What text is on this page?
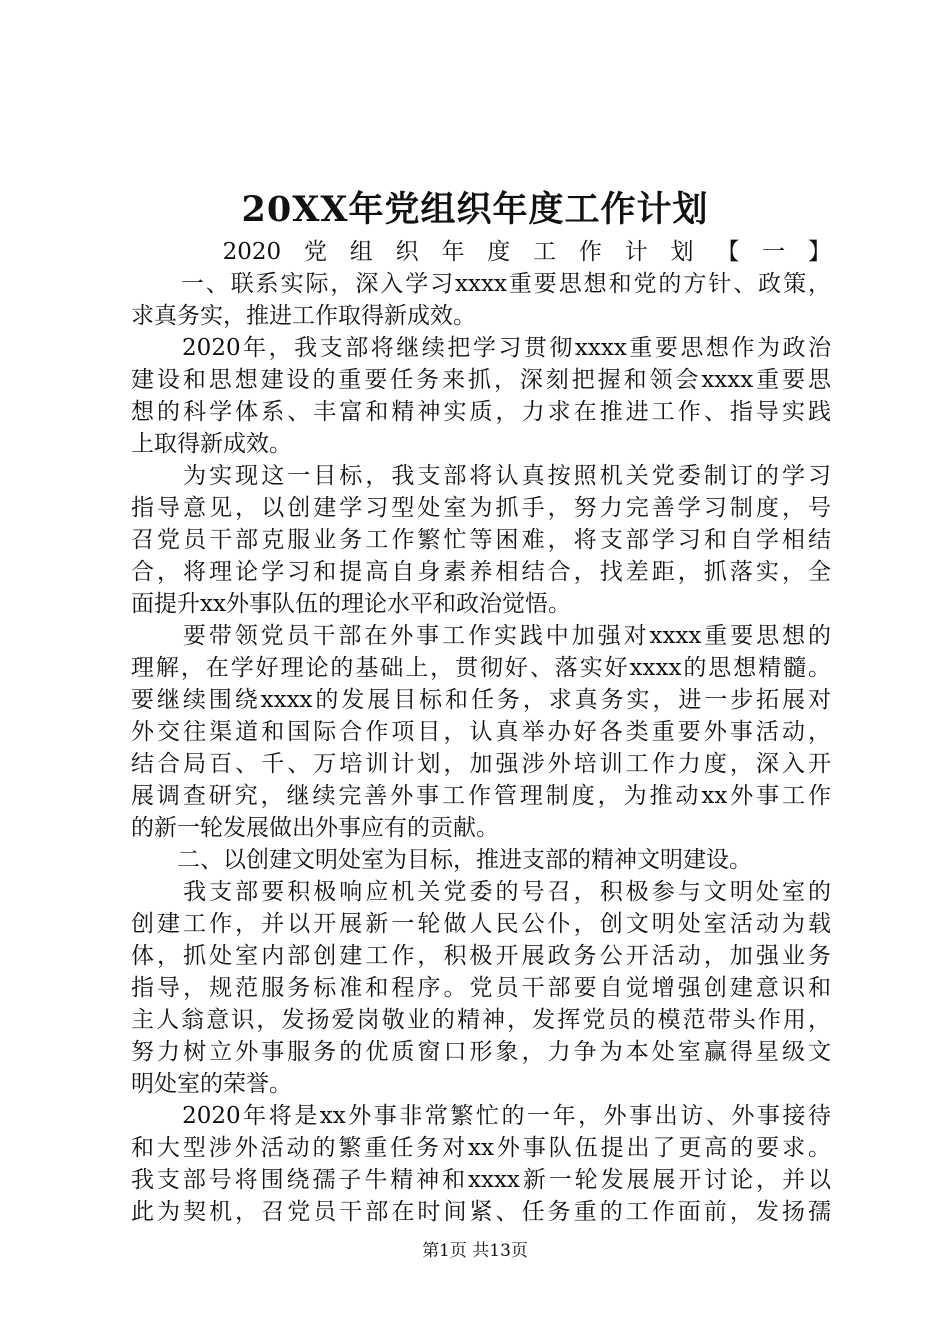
20XX年党组织年度工作计划
　　2020党组织年度工作计划【一】
　　一、联系实际，深入学习xxxx重要思想和党的方针、政策，
求真务实，推进工作取得新成效。
　　2020年，我支部将继续把学习贯彻xxxx重要思想作为政治
建设和思想建设的重要任务来抓，深刻把握和领会xxxx重要思
想的科学体系、丰富和精神实质，力求在推进工作、指导实践
上取得新成效。
　　为实现这一目标，我支部将认真按照机关党委制订的学习
指导意见，以创建学习型处室为抓手，努力完善学习制度，号
召党员干部克服业务工作繁忙等困难，将支部学习和自学相结
合，将理论学习和提高自身素养相结合，找差距，抓落实，全
面提升xx外事队伍的理论水平和政治觉悟。
　　要带领党员干部在外事工作实践中加强对xxxx重要思想的
理解，在学好理论的基础上，贯彻好、落实好xxxx的思想精髓。
要继续围绕xxxx的发展目标和任务，求真务实，进一步拓展对
外交往渠道和国际合作项目，认真举办好各类重要外事活动，
结合局百、千、万培训计划，加强涉外培训工作力度，深入开
展调查研究，继续完善外事工作管理制度，为推动xx外事工作
的新一轮发展做出外事应有的贡献。
　　二、以创建文明处室为目标，推进支部的精神文明建设。
　　我支部要积极响应机关党委的号召，积极参与文明处室的
创建工作，并以开展新一轮做人民公仆，创文明处室活动为载
体，抓处室内部创建工作，积极开展政务公开活动，加强业务
指导，规范服务标准和程序。党员干部要自觉增强创建意识和
主人翁意识，发扬爱岗敬业的精神，发挥党员的模范带头作用，
努力树立外事服务的优质窗口形象，力争为本处室赢得星级文
明处室的荣誉。
　　2020年将是xx外事非常繁忙的一年，外事出访、外事接待
和大型涉外活动的繁重任务对xx外事队伍提出了更高的要求。
我支部号将围绕孺子牛精神和xxxx新一轮发展展开讨论，并以
此为契机，召党员干部在时间紧、任务重的工作面前，发扬孺
第1页 共13页
